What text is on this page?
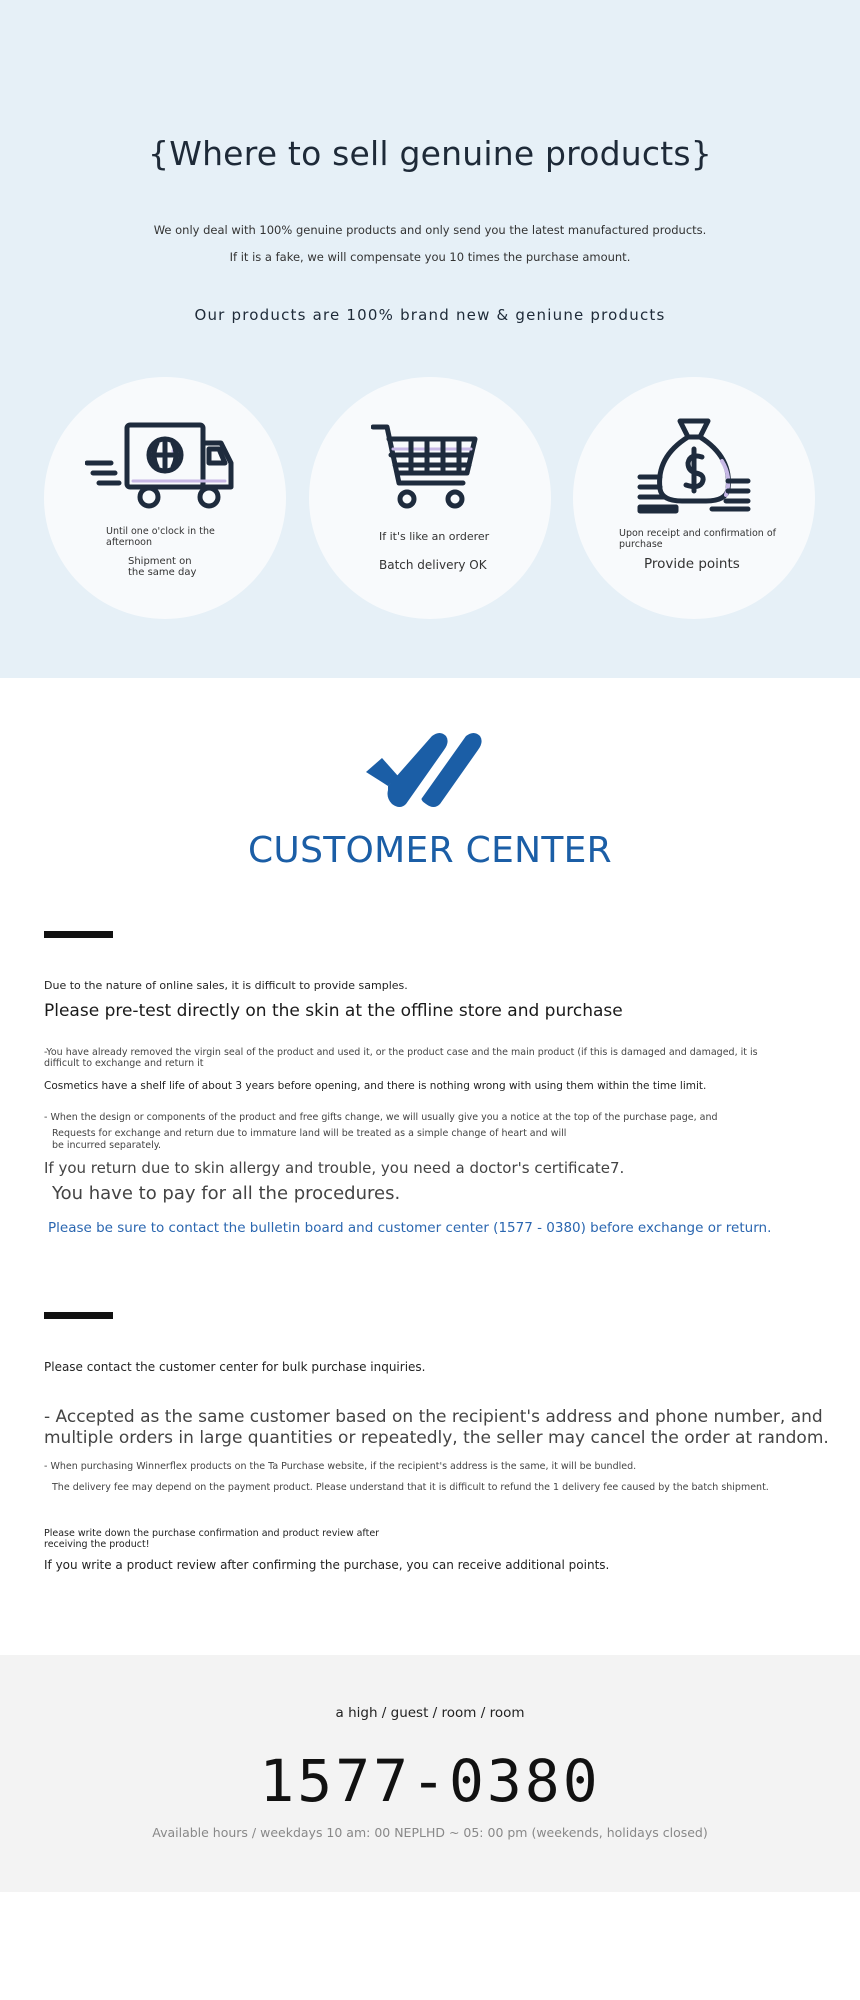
{Where to sell genuine products}

We only deal with 100% genuine products and only send you the latest manufactured products.

If it is a fake, we will compensate you 10 times the purchase amount.

Our products are 100% brand new & geniune products

Until one o'clock in the afternoon

Shipment on the same day

If it's like an orderer

Batch delivery OK

Upon receipt and confirmation of purchase

Provide points

CUSTOMER CENTER

Due to the nature of online sales, it is difficult to provide samples.

Please pre-test directly on the skin at the offline store and purchase

-You have already removed the virgin seal of the product and used it, or the product case and the main product (if this is damaged and damaged, it is difficult to exchange and return it

Cosmetics have a shelf life of about 3 years before opening, and there is nothing wrong with using them within the time limit.

- When the design or components of the product and free gifts change, we will usually give you a notice at the top of the purchase page, and

Requests for exchange and return due to immature land will be treated as a simple change of heart and will be incurred separately.

If you return due to skin allergy and trouble, you need a doctor's certificate7.

You have to pay for all the procedures.

Please be sure to contact the bulletin board and customer center (1577 - 0380) before exchange or return.

Please contact the customer center for bulk purchase inquiries.

- Accepted as the same customer based on the recipient's address and phone number, and

multiple orders in large quantities or repeatedly, the seller may cancel the order at random.

- When purchasing Winnerflex products on the Ta Purchase website, if the recipient's address is the same, it will be bundled.

The delivery fee may depend on the payment product. Please understand that it is difficult to refund the 1 delivery fee caused by the batch shipment.

Please write down the purchase confirmation and product review after receiving the product!

If you write a product review after confirming the purchase, you can receive additional points.

a high / guest / room / room

1577-0380

Available hours / weekdays 10 am: 00 NEPLHD ~ 05: 00 pm (weekends, holidays closed)
